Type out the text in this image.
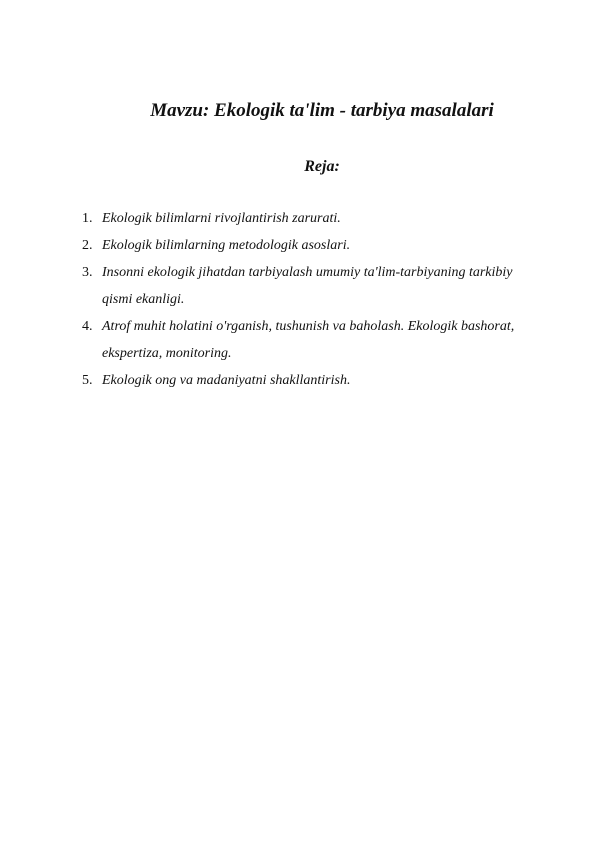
Mavzu: Ekologik ta'lim - tarbiya masalalari
Reja:
1. Ekologik bilimlarni rivojlantirish zarurati.
2. Ekologik bilimlarning metodologik asoslari.
3. Insonni ekologik jihatdan tarbiyalash umumiy ta'lim-tarbiyaning tarkibiy qismi ekanligi.
4. Atrof muhit holatini o'rganish, tushunish va baholash. Ekologik bashorat, ekspertiza, monitoring.
5. Ekologik ong va madaniyatni shakllantirish.
